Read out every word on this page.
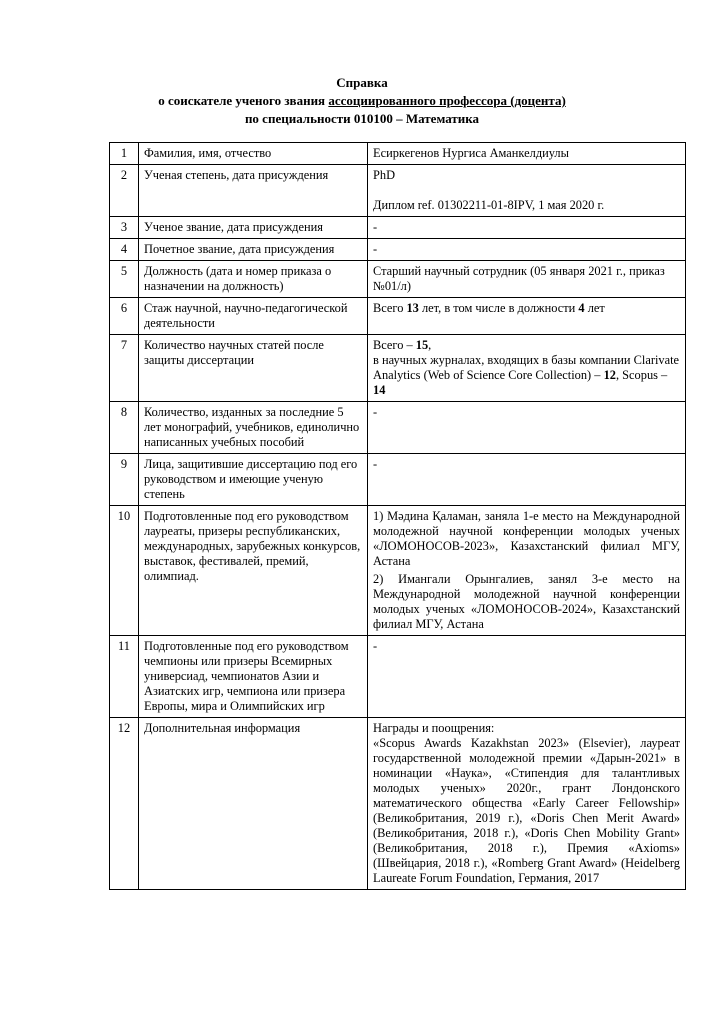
Справка
о соискателе ученого звания ассоциированного профессора (доцента)
по специальности 010100 – Математика
1	Фамилия, имя, отчество	Есиркегенов Нургиса Аманкелдиулы
2	Ученая степень, дата присуждения	PhD
Диплом ref. 01302211-01-8IPV, 1 мая 2020 г.

3	Ученое звание, дата присуждения	-
4	Почетное звание, дата присуждения	-
5	Должность (дата и номер приказа о назначении на должность)	Старший научный сотрудник (05 января 2021 г., приказ №01/л)
6	Стаж научной, научно-педагогической деятельности	Всего 13 лет, в том числе в должности 4 лет
7	Количество научных статей после защиты диссертации	Всего – 15,
в научных журналах, входящих в базы компании Clarivate Analytics (Web of Science Core Collection) – 12, Scopus – 14

8	Количество, изданных за последние 5 лет монографий, учебников, единолично написанных учебных пособий	-
9	Лица, защитившие диссертацию под его руководством и имеющие ученую степень	-
10	Подготовленные под его руководством лауреаты, призеры республиканских, международных, зарубежных конкурсов, выставок, фестивалей, премий, олимпиад.	1) Мәдина Қаламан, заняла 1-е место на Международной молодежной научной конференции молодых ученых «ЛОМОНОСОВ-2023», Казахстанский филиал МГУ, Астана
2) Имангали Орынгалиев, занял 3-е место на Международной молодежной научной конференции молодых ученых «ЛОМОНОСОВ-2024», Казахстанский филиал МГУ, Астана

11	Подготовленные под его руководством чемпионы или призеры Всемирных универсиад, чемпионатов Азии и Азиатских игр, чемпиона или призера Европы, мира и Олимпийских игр	-
12	Дополнительная информация	Награды и поощрения:
«Scopus Awards Kazakhstan 2023» (Elsevier), лауреат государственной молодежной премии «Дарын-2021» в номинации «Наука», «Стипендия для талантливых молодых ученых» 2020г., грант Лондонского математического общества «Early Career Fellowship» (Великобритания, 2019 г.), «Doris Chen Merit Award» (Великобритания, 2018 г.), «Doris Chen Mobility Grant» (Великобритания, 2018 г.), Премия «Axioms» (Швейцария, 2018 г.), «Romberg Grant Award» (Heidelberg Laureate Forum Foundation, Германия, 2017
